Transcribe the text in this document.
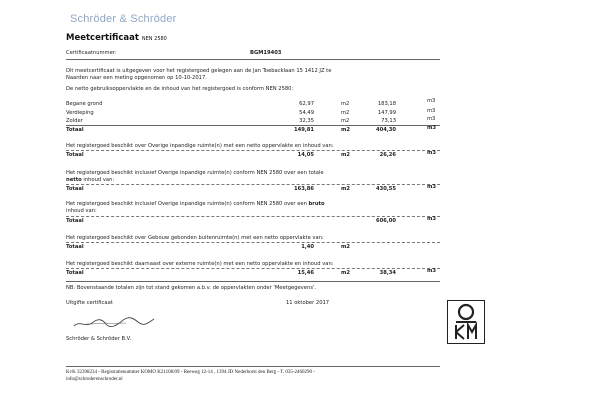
Schröder & Schröder
Meetcertificaat NEN 2580
Certificaatnummer:	BGM19403
Dit meetcertificaat is uitgegeven voor het registergoed gelegen aan de Jan Toebacklaan 15 1412 JZ te
Naarden naar een meting opgenomen op 10-10-2017.
De netto gebruiksoppervlakte en de inhoud van het registergoed is conform NEN 2580:
Begane grond	62,97	m2	183,18	m3
Verdieping	54,49	m2	147,99	m3
Zolder	32,35	m2	73,13	m3
Totaal	149,81	m2	404,30	m3
Het registergoed beschikt over Overige inpandige ruimte(n) met een netto oppervlakte en inhoud van:
Totaal	14,05	m2	26,26	m3
Het registergoed beschikt inclusief Overige inpandige ruimte(n) conform NEN 2580 over een totale
netto inhoud van:
Totaal	163,86	m2	430,55	m3
Het registergoed beschikt inclusief Overige inpandige ruimte(n) conform NEN 2580 over een bruto
inhoud van:
Totaal	606,00	m3
Het registergoed beschikt over Gebouw gebonden buitenruimte(n) met een netto oppervlakte van:
Totaal	1,40	m2
Het registergoed beschikt daarnaast over externe ruimte(n) met een netto oppervlakte en inhoud van:
Totaal	15,46	m2	38,34	m3
NB: Bovenstaande totalen zijn tot stand gekomen a.b.v. de oppervlakten onder 'Meetgegevens'.
Uitgifte certificaat	11 oktober 2017
Schröder & Schröder B.V.
KvK 32398234 - Registratienummer KOMO K21108/09 - Reeweg 12-14 , 1394 JD Nederhorst den Berg - T. 035-2460290 -
info@schroderenschroder.nl
